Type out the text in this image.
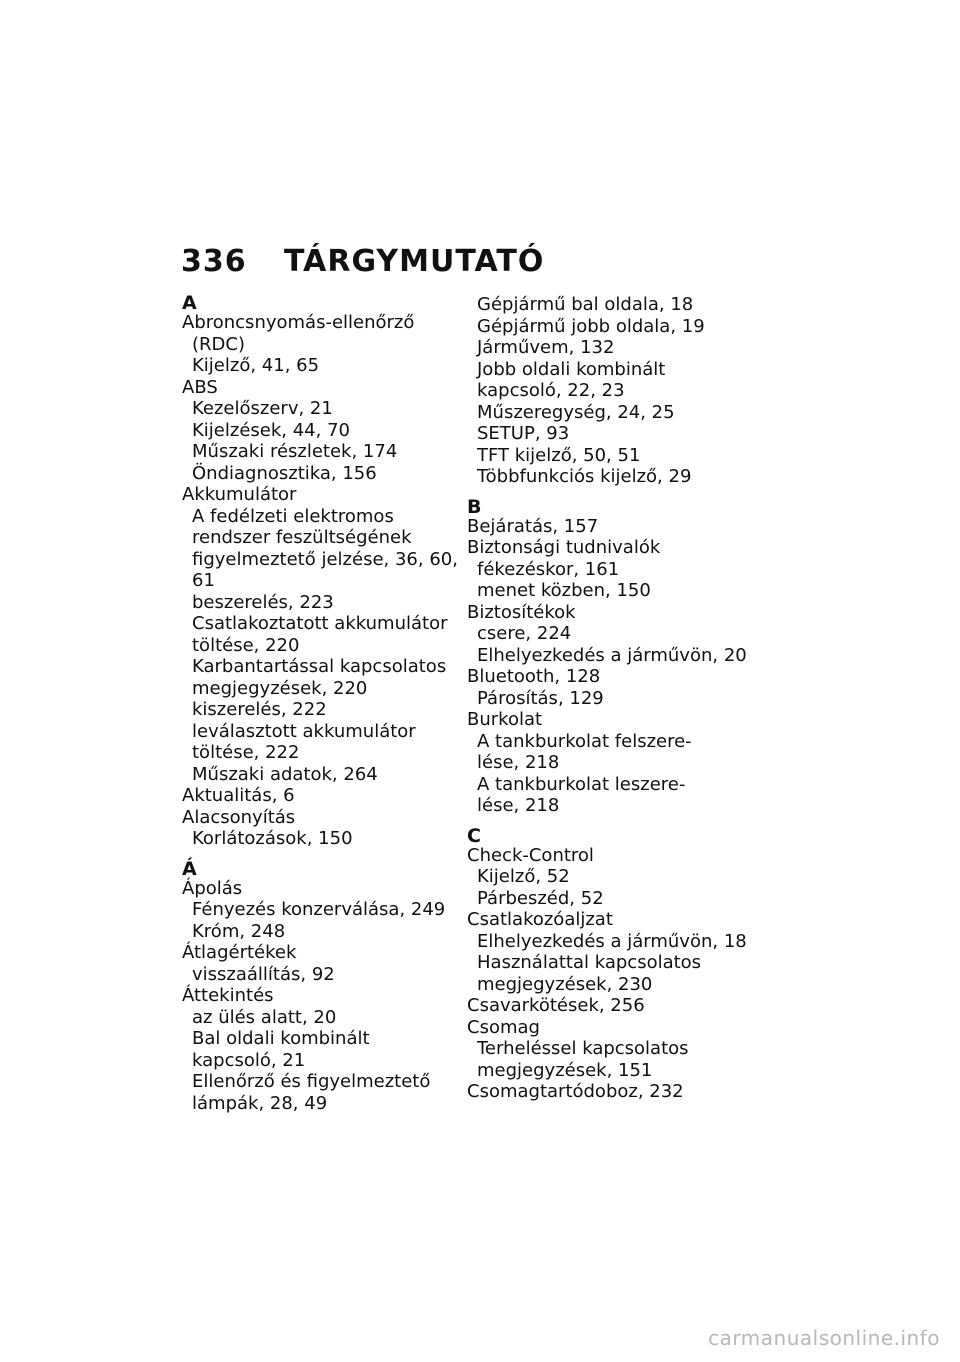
336 TÁRGYMUTATÓ
A
Abroncsnyomás-ellenőrző
(RDC)
Kijelző, 41, 65
ABS
Kezelőszerv, 21
Kijelzések, 44, 70
Műszaki részletek, 174
Öndiagnosztika, 156
Akkumulátor
A fedélzeti elektromos
rendszer feszültségének
figyelmeztető jelzése, 36, 60,
61
beszerelés, 223
Csatlakoztatott akkumulátor
töltése, 220
Karbantartással kapcsolatos
megjegyzések, 220
kiszerelés, 222
leválasztott akkumulátor
töltése, 222
Műszaki adatok, 264
Aktualitás, 6
Alacsonyítás
Korlátozások, 150
Á
Ápolás
Fényezés konzerválása, 249
Króm, 248
Átlagértékek
visszaállítás, 92
Áttekintés
az ülés alatt, 20
Bal oldali kombinált
kapcsoló, 21
Ellenőrző és figyelmeztető
lámpák, 28, 49
Gépjármű bal oldala, 18
Gépjármű jobb oldala, 19
Járművem, 132
Jobb oldali kombinált
kapcsoló, 22, 23
Műszeregység, 24, 25
SETUP, 93
TFT kijelző, 50, 51
Többfunkciós kijelző, 29
B
Bejáratás, 157
Biztonsági tudnivalók
fékezéskor, 161
menet közben, 150
Biztosítékok
csere, 224
Elhelyezkedés a járművön, 20
Bluetooth, 128
Párosítás, 129
Burkolat
A tankburkolat felszere-
lése, 218
A tankburkolat leszere-
lése, 218
C
Check-Control
Kijelző, 52
Párbeszéd, 52
Csatlakozóaljzat
Elhelyezkedés a járművön, 18
Használattal kapcsolatos
megjegyzések, 230
Csavarkötések, 256
Csomag
Terheléssel kapcsolatos
megjegyzések, 151
Csomagtartódoboz, 232
carmanualsonline.info
